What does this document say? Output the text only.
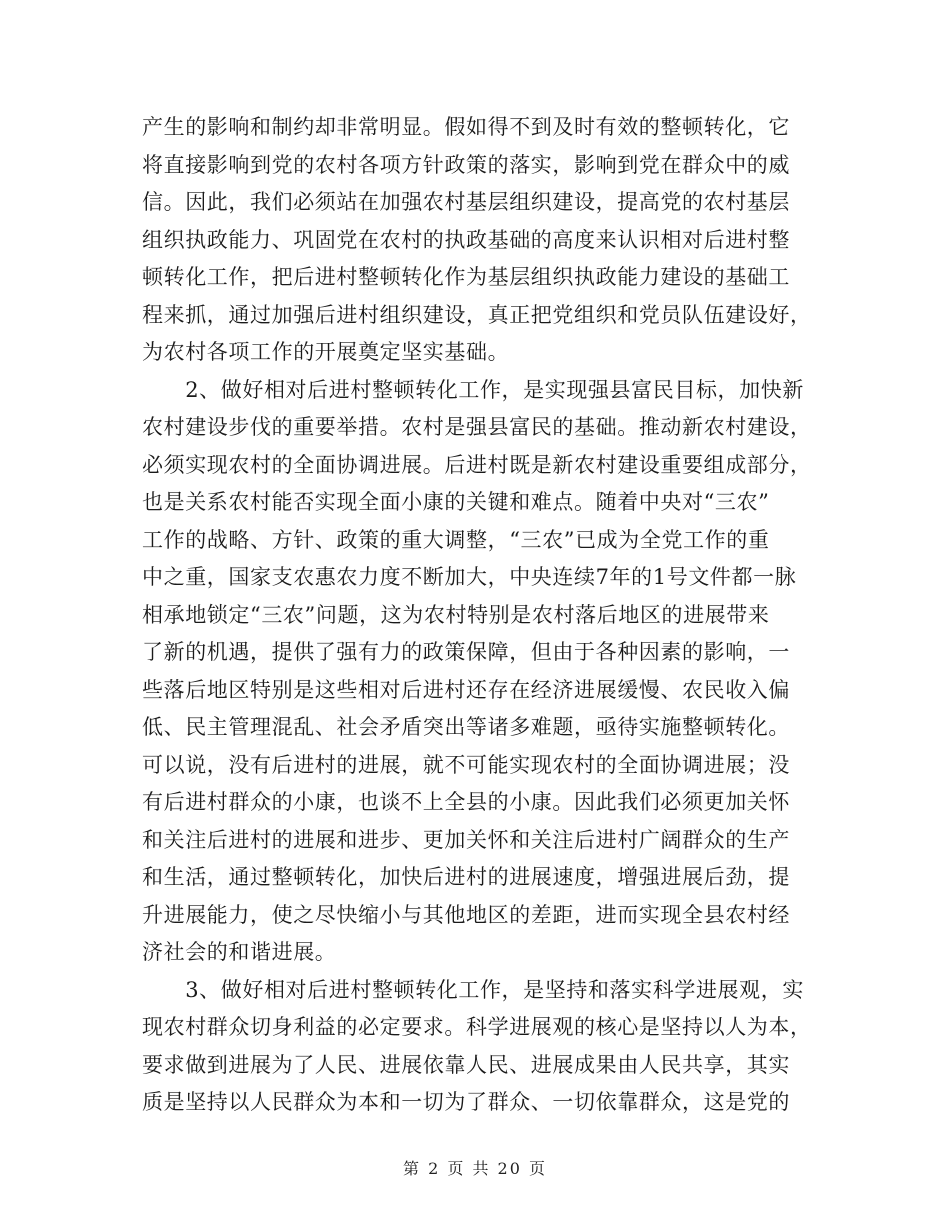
产生的影响和制约却非常明显。假如得不到及时有效的整顿转化，它
将直接影响到党的农村各项方针政策的落实，影响到党在群众中的威
信。因此，我们必须站在加强农村基层组织建设，提高党的农村基层
组织执政能力、巩固党在农村的执政基础的高度来认识相对后进村整
顿转化工作，把后进村整顿转化作为基层组织执政能力建设的基础工
程来抓，通过加强后进村组织建设，真正把党组织和党员队伍建设好，
为农村各项工作的开展奠定坚实基础。
　　2、做好相对后进村整顿转化工作，是实现强县富民目标，加快新
农村建设步伐的重要举措。农村是强县富民的基础。推动新农村建设，
必须实现农村的全面协调进展。后进村既是新农村建设重要组成部分，
也是关系农村能否实现全面小康的关键和难点。随着中央对“三农”
工作的战略、方针、政策的重大调整，“三农”已成为全党工作的重
中之重，国家支农惠农力度不断加大，中央连续7年的1号文件都一脉
相承地锁定“三农”问题，这为农村特别是农村落后地区的进展带来
了新的机遇，提供了强有力的政策保障，但由于各种因素的影响，一
些落后地区特别是这些相对后进村还存在经济进展缓慢、农民收入偏
低、民主管理混乱、社会矛盾突出等诸多难题，亟待实施整顿转化。
可以说，没有后进村的进展，就不可能实现农村的全面协调进展；没
有后进村群众的小康，也谈不上全县的小康。因此我们必须更加关怀
和关注后进村的进展和进步、更加关怀和关注后进村广阔群众的生产
和生活，通过整顿转化，加快后进村的进展速度，增强进展后劲，提
升进展能力，使之尽快缩小与其他地区的差距，进而实现全县农村经
济社会的和谐进展。
　　3、做好相对后进村整顿转化工作，是坚持和落实科学进展观，实
现农村群众切身利益的必定要求。科学进展观的核心是坚持以人为本，
要求做到进展为了人民、进展依靠人民、进展成果由人民共享，其实
质是坚持以人民群众为本和一切为了群众、一切依靠群众，这是党的
第 2 页 共 20 页
